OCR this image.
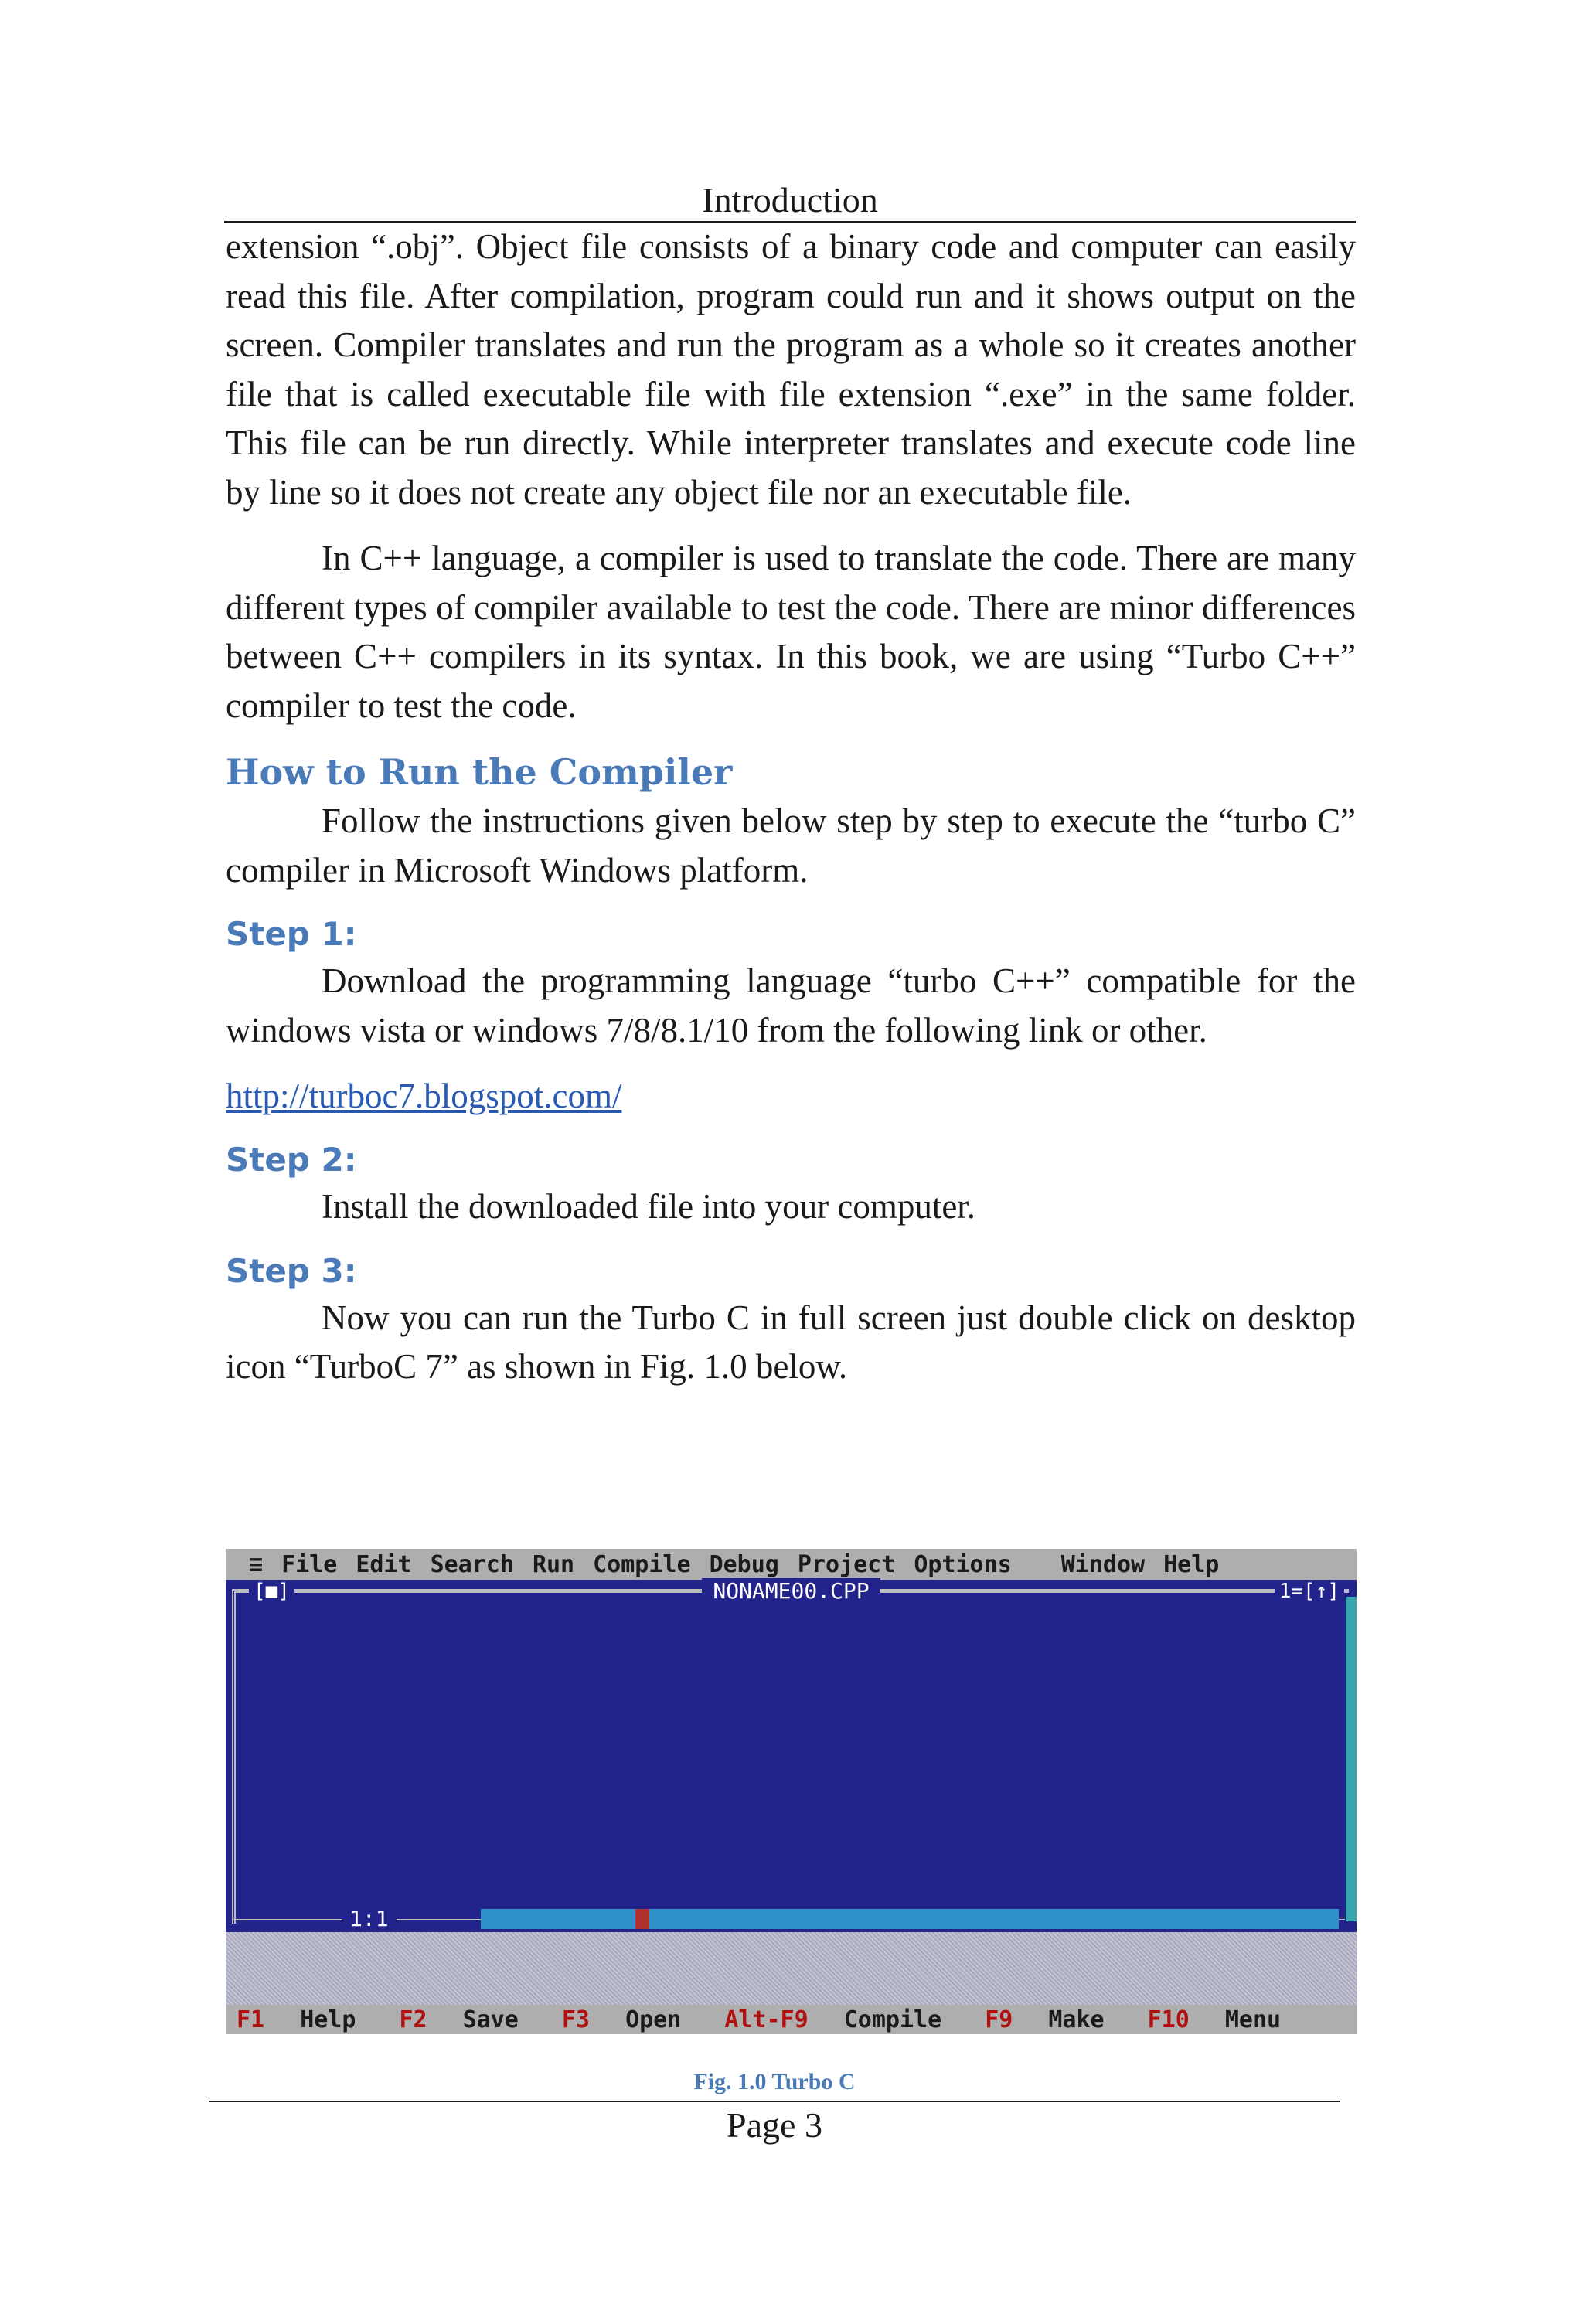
Introduction

extension “.obj”. Object file consists of a binary code and computer can easily read this file. After compilation, program could run and it shows output on the screen. Compiler translates and run the program as a whole so it creates another file that is called executable file with file extension “.exe” in the same folder. This file can be run directly. While interpreter translates and execute code line by line so it does not create any object file nor an executable file.

In C++ language, a compiler is used to translate the code. There are many different types of compiler available to test the code. There are minor differences between C++ compilers in its syntax. In this book, we are using “Turbo C++” compiler to test the code.

How to Run the Compiler

Follow the instructions given below step by step to execute the “turbo C” compiler in Microsoft Windows platform.

Step 1:

Download the programming language “turbo C++” compatible for the windows vista or windows 7/8/8.1/10 from the following link or other.

http://turboc7.blogspot.com/
Step 2:

Install the downloaded file into your computer.

Step 3:

Now you can run the Turbo C in full screen just double click on desktop icon “TurboC 7” as shown in Fig. 1.0 below.

≡ File Edit Search Run Compile Debug Project Options Window Help
NONAME00.CPP
[■]	1=[↑]
1:1
F1 Help	F2 Save	F3 Open	Alt-F9 Compile	F9 Make	F10 Menu
Fig. 1.0 Turbo C
Page 3
